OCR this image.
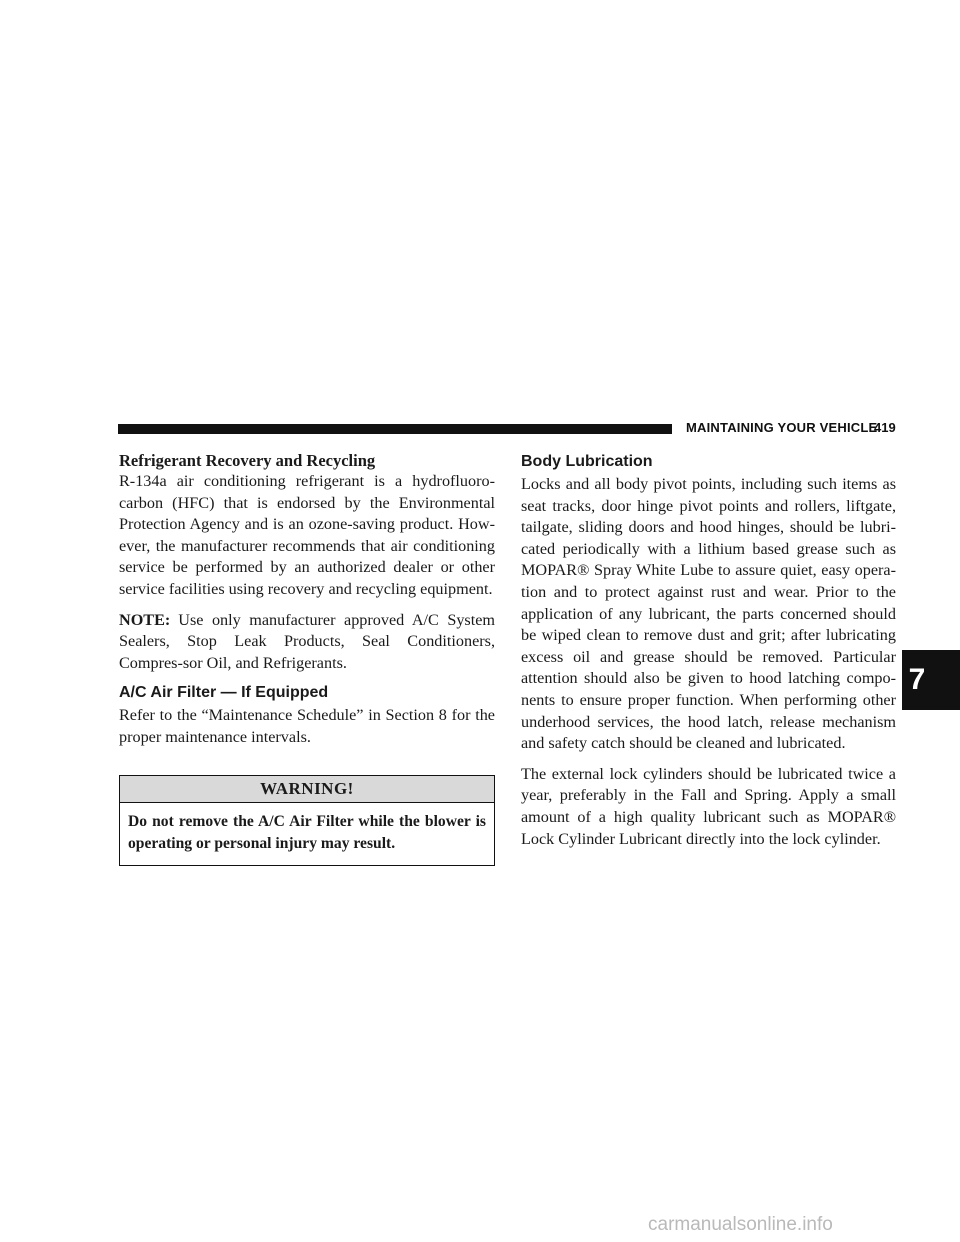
MAINTAINING YOUR VEHICLE
419
Refrigerant Recovery and Recycling

R-134a air conditioning refrigerant is a hydrofluoro-carbon (HFC) that is endorsed by the Environmental Protection Agency and is an ozone-saving product. How-ever, the manufacturer recommends that air conditioning service be performed by an authorized dealer or other service facilities using recovery and recycling equipment.

NOTE: Use only manufacturer approved A/C System Sealers, Stop Leak Products, Seal Conditioners, Compres-sor Oil, and Refrigerants.

A/C Air Filter — If Equipped

Refer to the “Maintenance Schedule” in Section 8 for the proper maintenance intervals.

WARNING!
Do not remove the A/C Air Filter while the blower is operating or personal injury may result.
Body Lubrication

Locks and all body pivot points, including such items as seat tracks, door hinge pivot points and rollers, liftgate, tailgate, sliding doors and hood hinges, should be lubri-cated periodically with a lithium based grease such as MOPAR® Spray White Lube to assure quiet, easy opera-tion and to protect against rust and wear. Prior to the application of any lubricant, the parts concerned should be wiped clean to remove dust and grit; after lubricating excess oil and grease should be removed. Particular attention should also be given to hood latching compo-nents to ensure proper function. When performing other underhood services, the hood latch, release mechanism and safety catch should be cleaned and lubricated.

The external lock cylinders should be lubricated twice a year, preferably in the Fall and Spring. Apply a small amount of a high quality lubricant such as MOPAR® Lock Cylinder Lubricant directly into the lock cylinder.

7
carmanualsonline.info
